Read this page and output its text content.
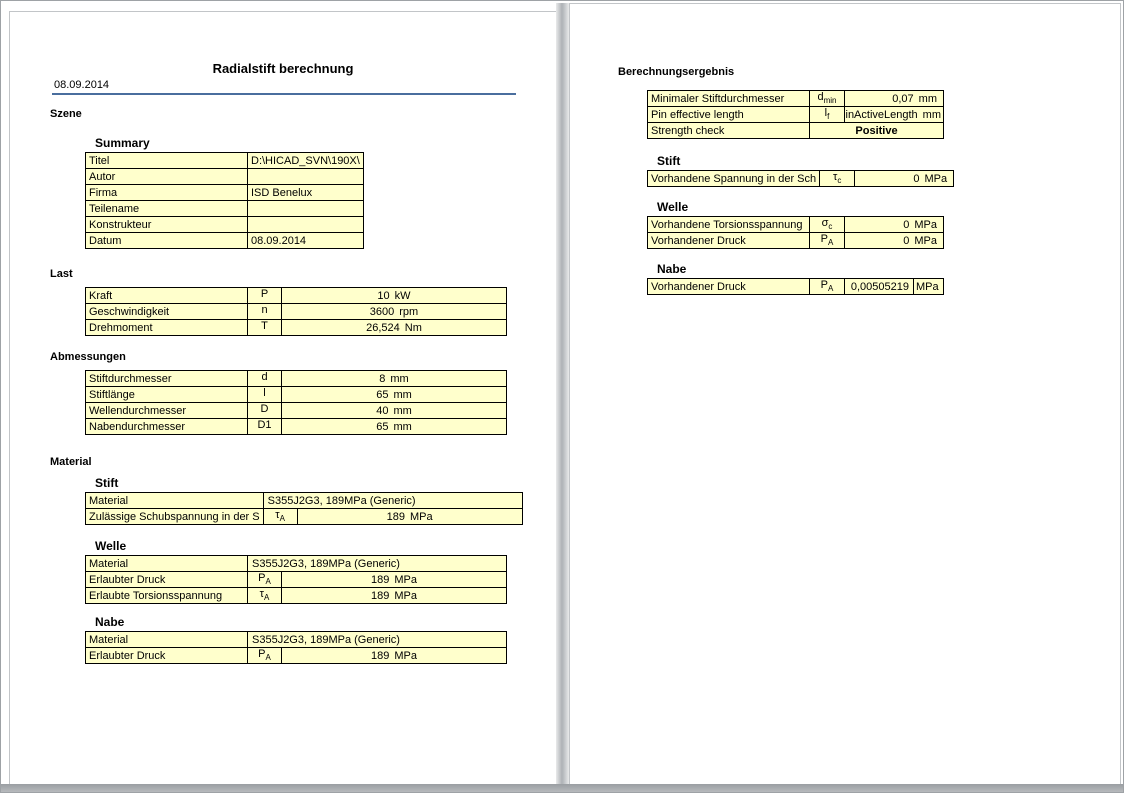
Radialstift berechnung
08.09.2014
Szene
Summary
Titel	D:\HICAD_SVN\190X\
Autor	
Firma	ISD Benelux
Teilename	
Konstrukteur	
Datum	08.09.2014
Last
Kraft	P	10 kW
Geschwindigkeit	n	3600 rpm
Drehmoment	T	26,524 Nm
Abmessungen
Stiftdurchmesser	d	8 mm
Stiftlänge	l	65 mm
Wellendurchmesser	D	40 mm
Nabendurchmesser	D1	65 mm
Material
Stift
Material	S355J2G3, 189MPa (Generic)	
Zulässige Schubspannung in der S	$\tau_A$	189 MPa
Welle
Material	S355J2G3, 189MPa (Generic)	
Erlaubter Druck	$P_A$	189 MPa
Erlaubte Torsionsspannung	$\tau_A$	189 MPa
Nabe
Material	S355J2G3, 189MPa (Generic)	
Erlaubter Druck	$P_A$	189 MPa
Berechnungsergebnis
Minimaler Stiftdurchmesser	$d_{min}$	0,07 mm
Pin effective length	$l_f$	inActiveLength mm
Strength check	Positive	
Stift
Vorhandene Spannung in der Sch	$\tau_c$	0 MPa
Welle
Vorhandene Torsionsspannung	$\sigma_c$	0 MPa
Vorhandener Druck	$P_A$	0 MPa
Nabe
Vorhandener Druck	$P_A$	0,00505219	MPa
